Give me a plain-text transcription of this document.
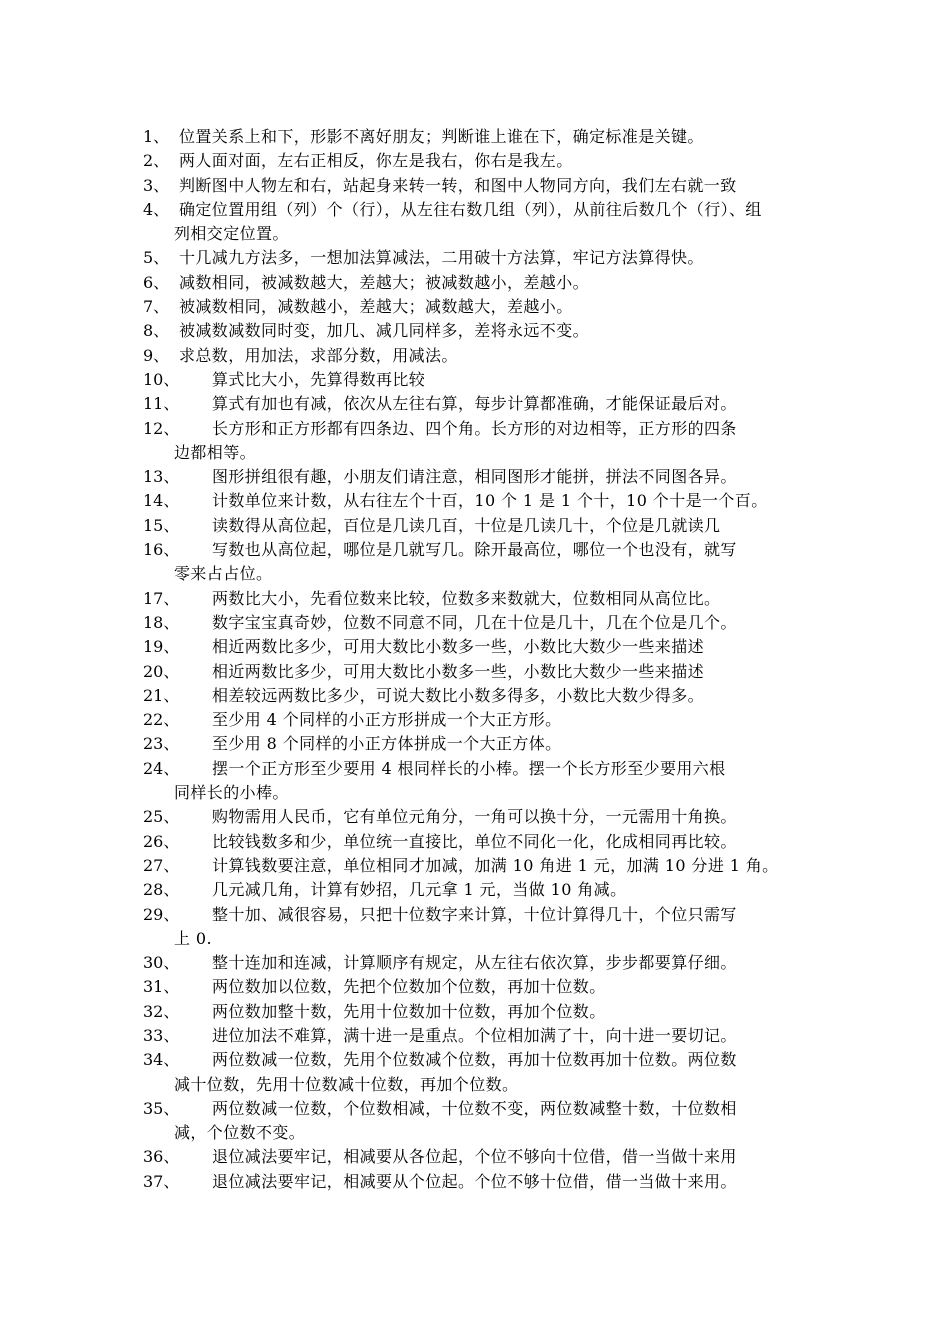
1、 位置关系上和下，形影不离好朋友；判断谁上谁在下，确定标准是关键。
2、 两人面对面，左右正相反，你左是我右，你右是我左。
3、 判断图中人物左和右，站起身来转一转，和图中人物同方向，我们左右就一致
4、 确定位置用组（列）个（行），从左往右数几组（列），从前往后数几个（行）、组
列相交定位置。
5、 十几减九方法多，一想加法算减法，二用破十方法算，牢记方法算得快。
6、 减数相同，被减数越大，差越大；被减数越小，差越小。
7、 被减数相同，减数越小，差越大；减数越大，差越小。
8、 被减数减数同时变，加几、减几同样多，差将永远不变。
9、 求总数，用加法，求部分数，用减法。
10、	算式比大小，先算得数再比较
11、	算式有加也有减，依次从左往右算，每步计算都准确，才能保证最后对。
12、	长方形和正方形都有四条边、四个角。长方形的对边相等，正方形的四条
边都相等。
13、	图形拼组很有趣，小朋友们请注意，相同图形才能拼，拼法不同图各异。
14、	计数单位来计数，从右往左个十百，10 个 1 是 1 个十，10 个十是一个百。
15、	读数得从高位起，百位是几读几百，十位是几读几十，个位是几就读几
16、	写数也从高位起，哪位是几就写几。除开最高位，哪位一个也没有，就写
零来占占位。
17、	两数比大小，先看位数来比较，位数多来数就大，位数相同从高位比。
18、	数字宝宝真奇妙，位数不同意不同，几在十位是几十，几在个位是几个。
19、	相近两数比多少，可用大数比小数多一些，小数比大数少一些来描述
20、	相近两数比多少，可用大数比小数多一些，小数比大数少一些来描述
21、	相差较远两数比多少，可说大数比小数多得多，小数比大数少得多。
22、	至少用 4 个同样的小正方形拼成一个大正方形。
23、	至少用 8 个同样的小正方体拼成一个大正方体。
24、	摆一个正方形至少要用 4 根同样长的小棒。摆一个长方形至少要用六根
同样长的小棒。
25、	购物需用人民币，它有单位元角分，一角可以换十分，一元需用十角换。
26、	比较钱数多和少，单位统一直接比，单位不同化一化，化成相同再比较。
27、	计算钱数要注意，单位相同才加减，加满 10 角进 1 元，加满 10 分进 1 角。
28、	几元减几角，计算有妙招，几元拿 1 元，当做 10 角减。
29、	整十加、减很容易，只把十位数字来计算，十位计算得几十，个位只需写
上 0.
30、	整十连加和连减，计算顺序有规定，从左往右依次算，步步都要算仔细。
31、	两位数加以位数，先把个位数加个位数，再加十位数。
32、	两位数加整十数，先用十位数加十位数，再加个位数。
33、	进位加法不难算，满十进一是重点。个位相加满了十，向十进一要切记。
34、	两位数减一位数，先用个位数减个位数，再加十位数再加十位数。两位数
减十位数，先用十位数减十位数，再加个位数。
35、	两位数减一位数，个位数相减，十位数不变，两位数减整十数，十位数相
减，个位数不变。
36、	退位减法要牢记，相减要从各位起，个位不够向十位借，借一当做十来用
37、	退位减法要牢记，相减要从个位起。个位不够十位借，借一当做十来用。
